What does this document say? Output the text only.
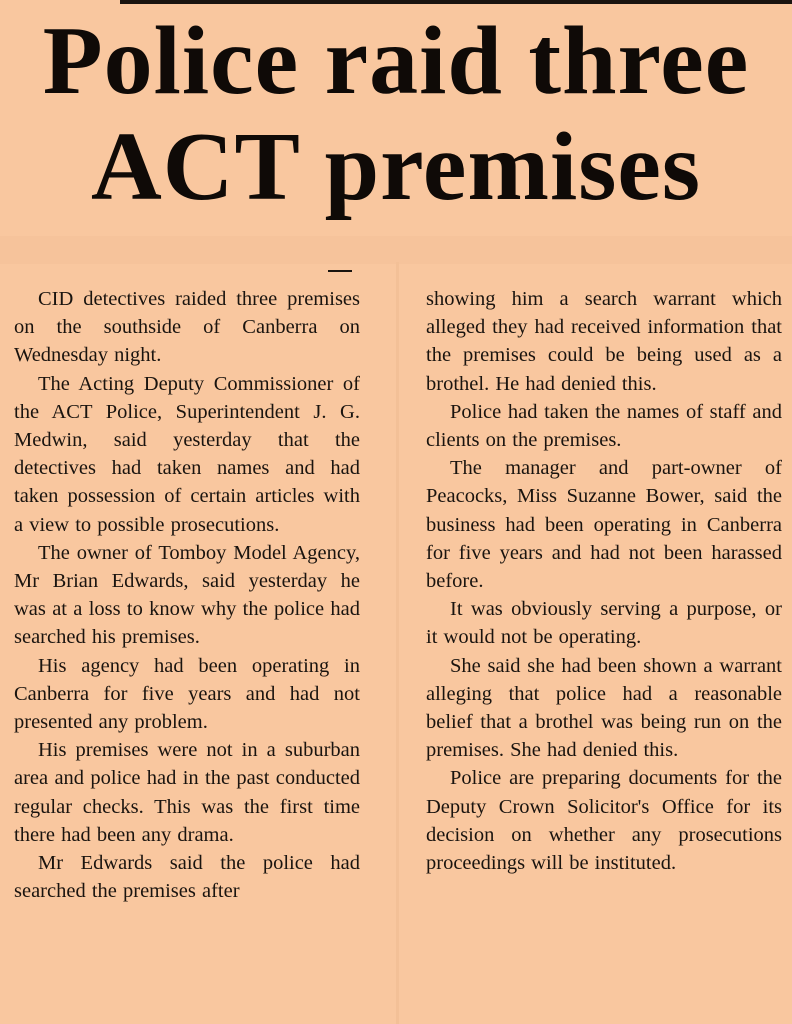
Police raid three
ACT premises

CID detectives raided three premises on the southside of Canberra on Wednesday night.

The Acting Deputy Commissioner of the ACT Police, Superintendent J. G. Medwin, said yesterday that the detectives had taken names and had taken possession of certain articles with a view to possible prosecutions.

The owner of Tomboy Model Agency, Mr Brian Edwards, said yesterday he was at a loss to know why the police had searched his premises.

His agency had been operating in Canberra for five years and had not presented any problem.

His premises were not in a suburban area and police had in the past conducted regular checks. This was the first time there had been any drama.

Mr Edwards said the police had searched the premises after

showing him a search warrant which alleged they had received information that the premises could be being used as a brothel. He had denied this.

Police had taken the names of staff and clients on the premises.

The manager and part-owner of Peacocks, Miss Suzanne Bower, said the business had been operating in Canberra for five years and had not been harassed before.

It was obviously serving a purpose, or it would not be operating.

She said she had been shown a warrant alleging that police had a reasonable belief that a brothel was being run on the premises. She had denied this.

Police are preparing documents for the Deputy Crown Solicitor's Office for its decision on whether any prosecutions proceedings will be instituted.
